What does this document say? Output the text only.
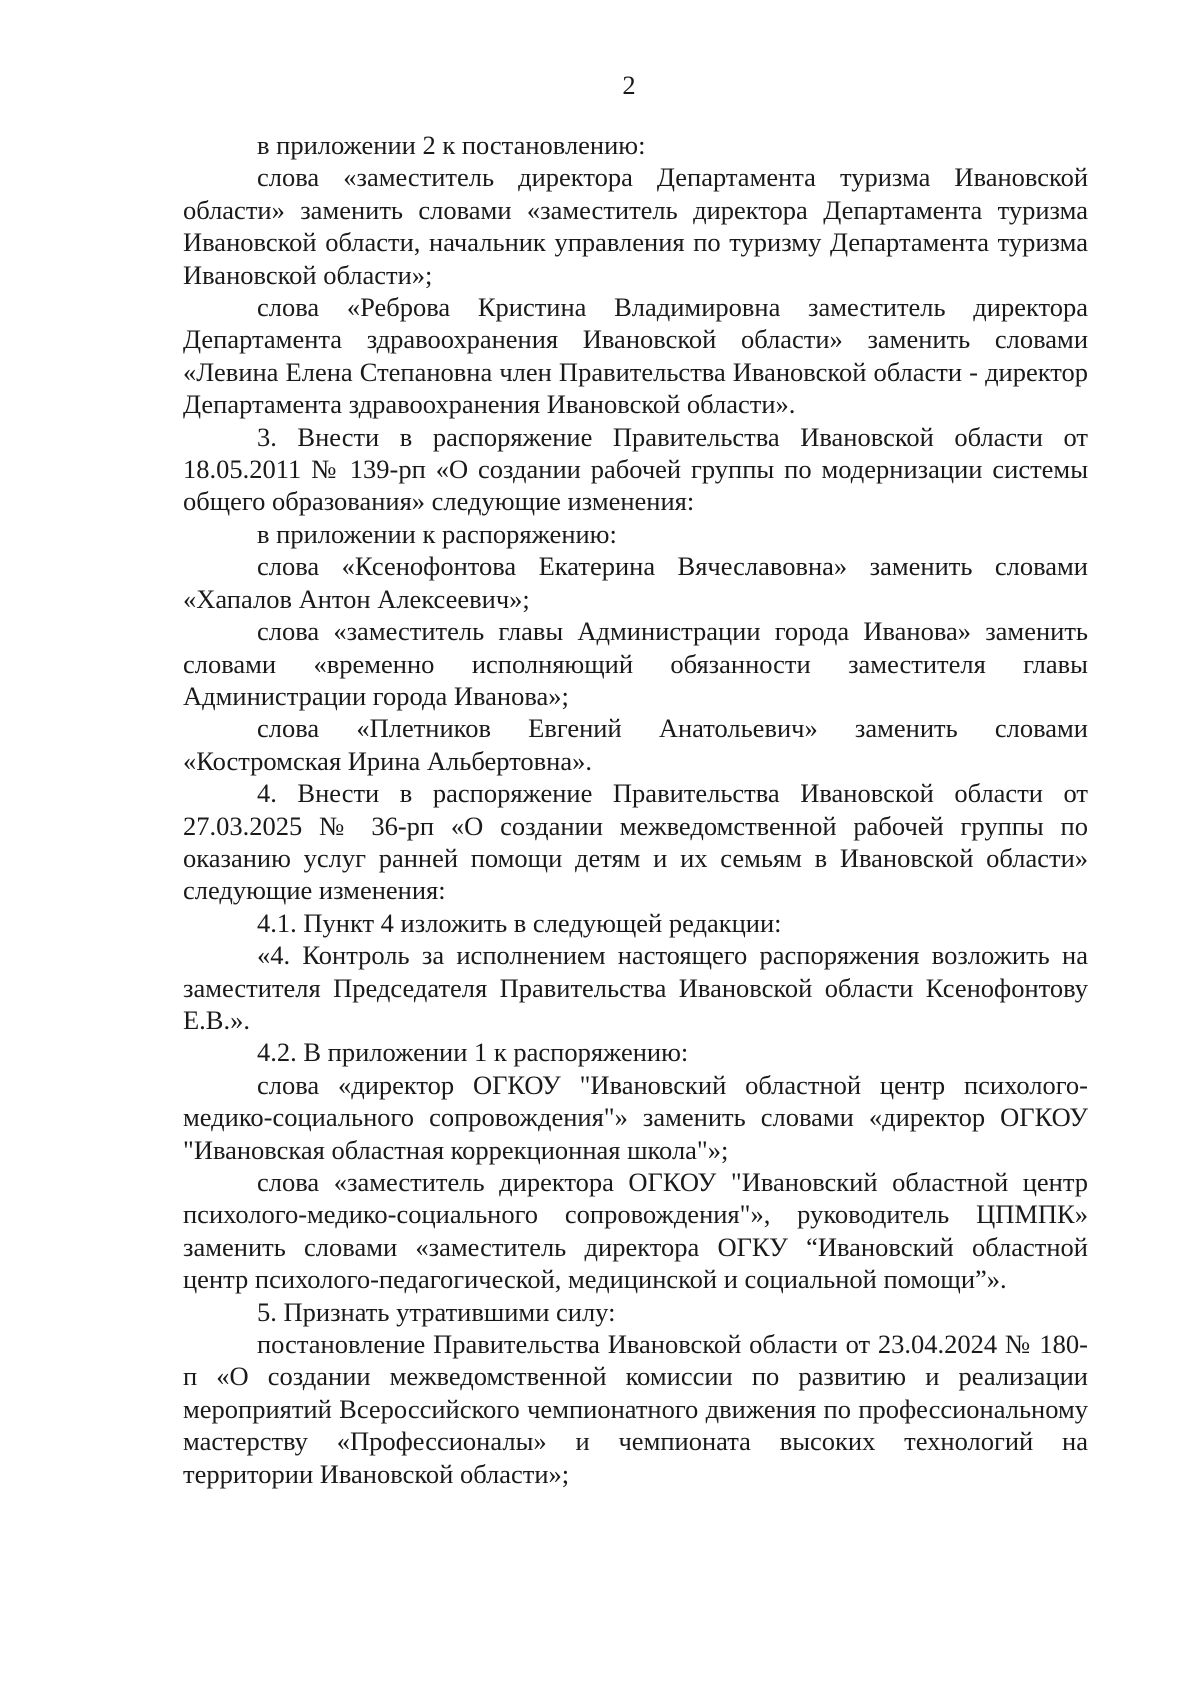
2

в приложении 2 к постановлению:

слова «заместитель директора Департамента туризма Ивановской области» заменить словами «заместитель директора Департамента туризма Ивановской области, начальник управления по туризму Департамента туризма Ивановской области»;

слова «Реброва Кристина Владимировна заместитель директора Департамента здравоохранения Ивановской области» заменить словами «Левина Елена Степановна член Правительства Ивановской области - директор Департамента здравоохранения Ивановской области».

3. Внести в распоряжение Правительства Ивановской области от 18.05.2011 № 139-рп «О создании рабочей группы по модернизации системы общего образования» следующие изменения:

в приложении к распоряжению:

слова «Ксенофонтова Екатерина Вячеславовна» заменить словами «Хапалов Антон Алексеевич»;

слова «заместитель главы Администрации города Иванова» заменить словами «временно исполняющий обязанности заместителя главы Администрации города Иванова»;

слова «Плетников Евгений Анатольевич» заменить словами «Костромская Ирина Альбертовна».

4. Внести в распоряжение Правительства Ивановской области от 27.03.2025 № 36-рп «О создании межведомственной рабочей группы по оказанию услуг ранней помощи детям и их семьям в Ивановской области» следующие изменения:

4.1. Пункт 4 изложить в следующей редакции:

«4. Контроль за исполнением настоящего распоряжения возложить на заместителя Председателя Правительства Ивановской области Ксенофонтову Е.В.».

4.2. В приложении 1 к распоряжению:

слова «директор ОГКОУ "Ивановский областной центр психолого-медико-социального сопровождения"» заменить словами «директор ОГКОУ "Ивановская областная коррекционная школа"»;

слова «заместитель директора ОГКОУ "Ивановский областной центр психолого-медико-социального сопровождения"», руководитель ЦПМПК» заменить словами «заместитель директора ОГКУ “Ивановский областной центр психолого-педагогической, медицинской и социальной помощи”».

5. Признать утратившими силу:

постановление Правительства Ивановской области от 23.04.2024 № 180-п «О создании межведомственной комиссии по развитию и реализации мероприятий Всероссийского чемпионатного движения по профессиональному мастерству «Профессионалы» и чемпионата высоких технологий на территории Ивановской области»;
